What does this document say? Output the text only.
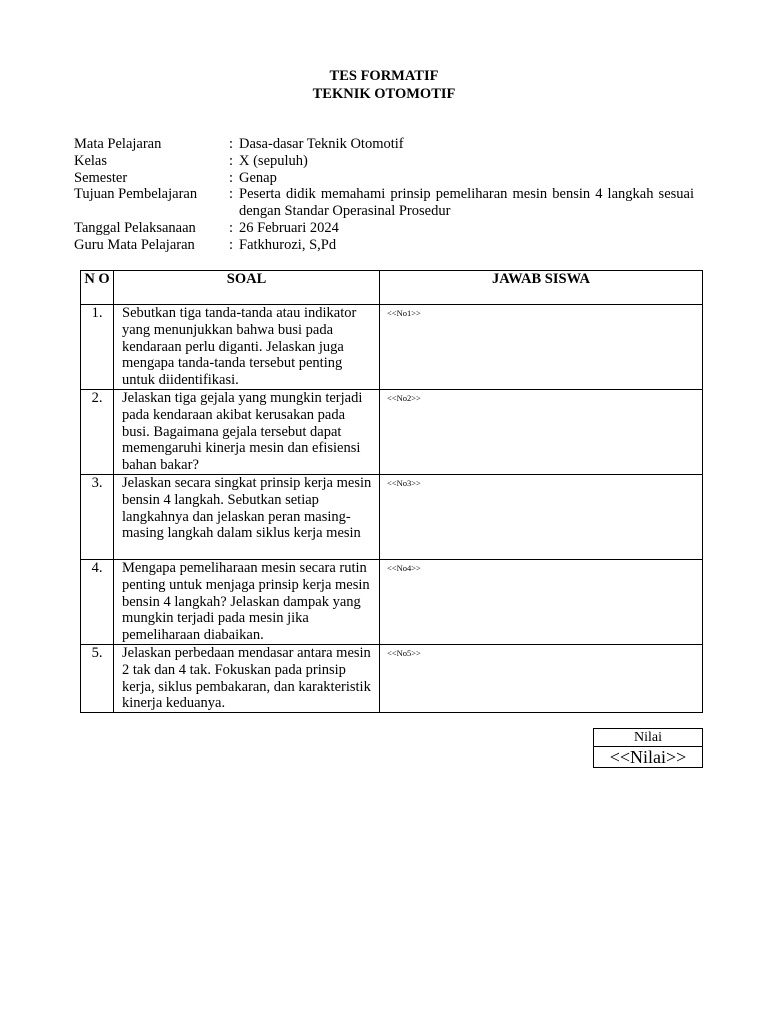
TES FORMATIF
TEKNIK OTOMOTIF
Mata Pelajaran	: Dasa-dasar Teknik Otomotif
Kelas	: X (sepuluh)
Semester	: Genap
Tujuan Pembelajaran	: Peserta didik memahami prinsip pemeliharan mesin bensin 4 langkah sesuai dengan Standar Operasinal Prosedur
Tanggal Pelaksanaan	: 26 Februari 2024
Guru Mata Pelajaran	: Fatkhurozi, S,Pd
N O	SOAL	JAWAB SISWA
1.	Sebutkan tiga tanda-tanda atau indikator yang menunjukkan bahwa busi pada kendaraan perlu diganti. Jelaskan juga mengapa tanda-tanda tersebut penting untuk diidentifikasi.	<<No1>>
2.	Jelaskan tiga gejala yang mungkin terjadi pada kendaraan akibat kerusakan pada busi. Bagaimana gejala tersebut dapat memengaruhi kinerja mesin dan efisiensi bahan bakar?	<<No2>>
3.	Jelaskan secara singkat prinsip kerja mesin bensin 4 langkah. Sebutkan setiap langkahnya dan jelaskan peran masing-masing langkah dalam siklus kerja mesin	<<No3>>
4.	Mengapa pemeliharaan mesin secara rutin penting untuk menjaga prinsip kerja mesin bensin 4 langkah? Jelaskan dampak yang mungkin terjadi pada mesin jika pemeliharaan diabaikan.	<<No4>>
5.	Jelaskan perbedaan mendasar antara mesin 2 tak dan 4 tak. Fokuskan pada prinsip kerja, siklus pembakaran, dan karakteristik kinerja keduanya.	<<No5>>
Nilai
<<Nilai>>
